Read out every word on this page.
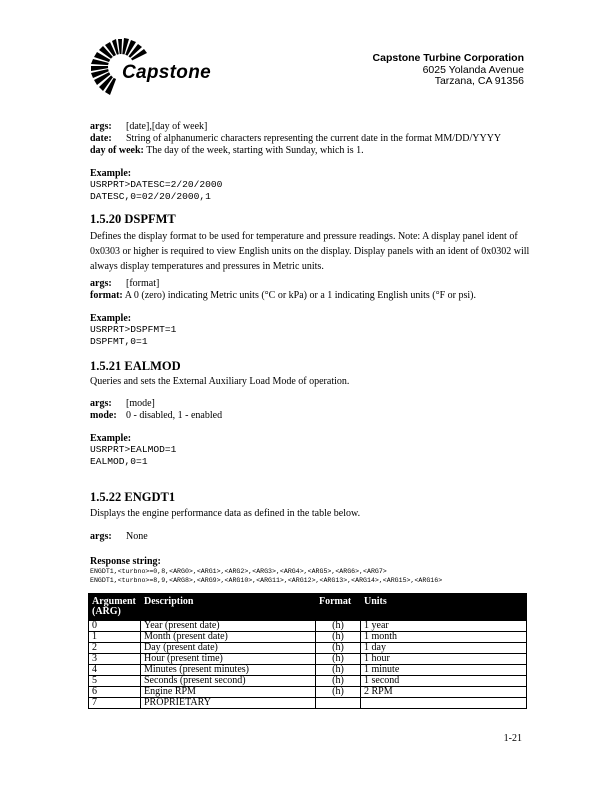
Capstone
Capstone Turbine Corporation
6025 Yolanda Avenue
Tarzana, CA 91356
args: [date],[day of week]
date: String of alphanumeric characters representing the current date in the format MM/DD/YYYY
day of week: The day of the week, starting with Sunday, which is 1.
Example:
USRPRT>DATESC=2/20/2000
DATESC,0=02/20/2000,1
1.5.20 DSPFMT
Defines the display format to be used for temperature and pressure readings. Note: A display panel ident of 0x0303 or higher is required to view English units on the display. Display panels with an ident of 0x0302 will always display temperatures and pressures in Metric units.
args: [format]
format: A 0 (zero) indicating Metric units (°C or kPa) or a 1 indicating English units (°F or psi).
Example:
USRPRT>DSPFMT=1
DSPFMT,0=1
1.5.21 EALMOD
Queries and sets the External Auxiliary Load Mode of operation.
args: [mode]
mode: 0 - disabled, 1 - enabled
Example:
USRPRT>EALMOD=1
EALMOD,0=1
1.5.22 ENGDT1
Displays the engine performance data as defined in the table below.
args: None
Response string:
ENGDT1,<turbno>=0,8,<ARG0>,<ARG1>,<ARG2>,<ARG3>,<ARG4>,<ARG5>,<ARG6>,<ARG7>
ENGDT1,<turbno>=8,9,<ARG8>,<ARG9>,<ARG10>,<ARG11>,<ARG12>,<ARG13>,<ARG14>,<ARG15>,<ARG16>
Argument
(ARG)	Description	Format	Units
0	Year (present date)	(h)	1 year
1	Month (present date)	(h)	1 month
2	Day (present date)	(h)	1 day
3	Hour (present time)	(h)	1 hour
4	Minutes (present minutes)	(h)	1 minute
5	Seconds (present second)	(h)	1 second
6	Engine RPM	(h)	2 RPM
7	PROPRIETARY		
1-21
